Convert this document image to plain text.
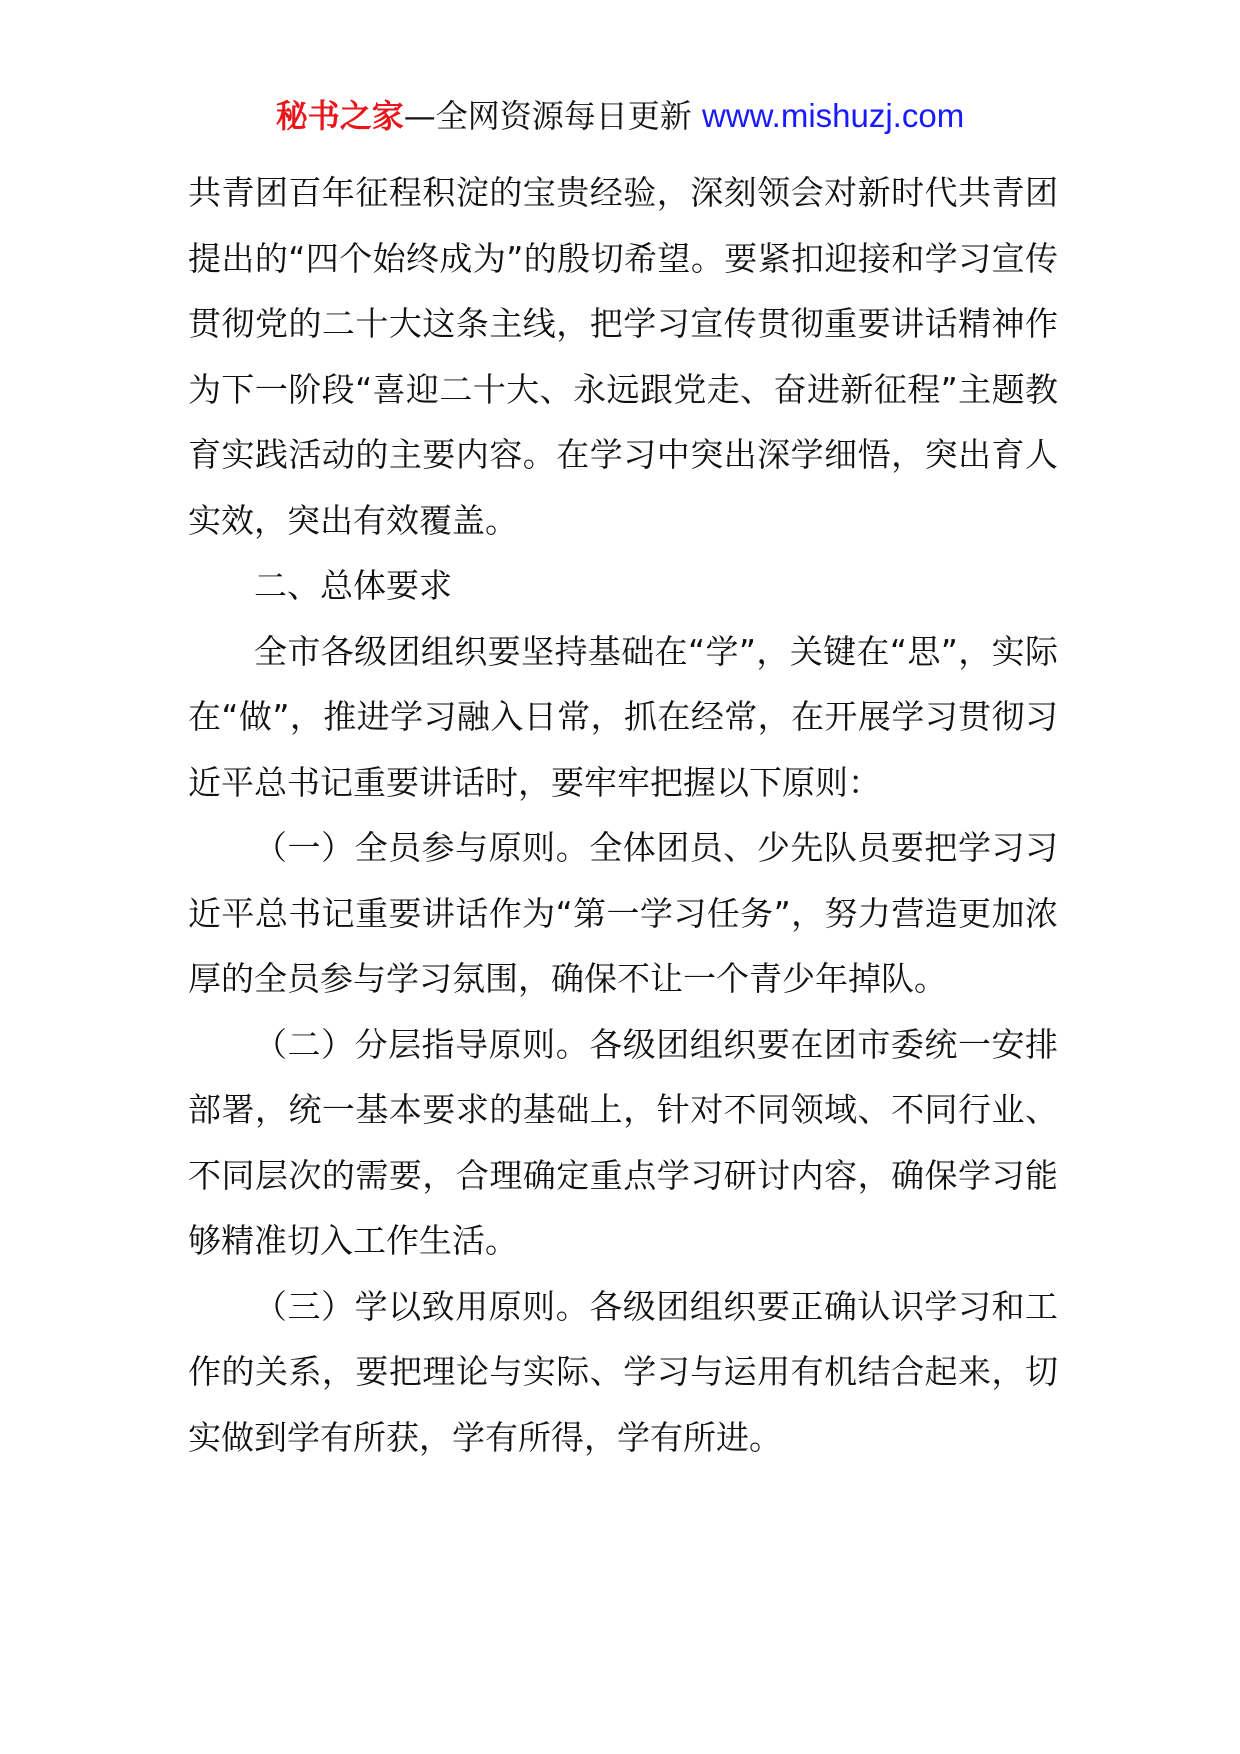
秘书之家—全网资源每日更新 www.mishuzj.com

共青团百年征程积淀的宝贵经验，深刻领会对新时代共青团提出的“四个始终成为”的殷切希望。要紧扣迎接和学习宣传贯彻党的二十大这条主线，把学习宣传贯彻重要讲话精神作为下一阶段“喜迎二十大、永远跟党走、奋进新征程”主题教育实践活动的主要内容。在学习中突出深学细悟，突出育人实效，突出有效覆盖。

二、总体要求

全市各级团组织要坚持基础在“学”，关键在“思”，实际在“做”，推进学习融入日常，抓在经常，在开展学习贯彻习近平总书记重要讲话时，要牢牢把握以下原则：

（一）全员参与原则。全体团员、少先队员要把学习习近平总书记重要讲话作为“第一学习任务”，努力营造更加浓厚的全员参与学习氛围，确保不让一个青少年掉队。

（二）分层指导原则。各级团组织要在团市委统一安排部署，统一基本要求的基础上，针对不同领域、不同行业、不同层次的需要，合理确定重点学习研讨内容，确保学习能够精准切入工作生活。

（三）学以致用原则。各级团组织要正确认识学习和工作的关系，要把理论与实际、学习与运用有机结合起来，切实做到学有所获，学有所得，学有所进。
